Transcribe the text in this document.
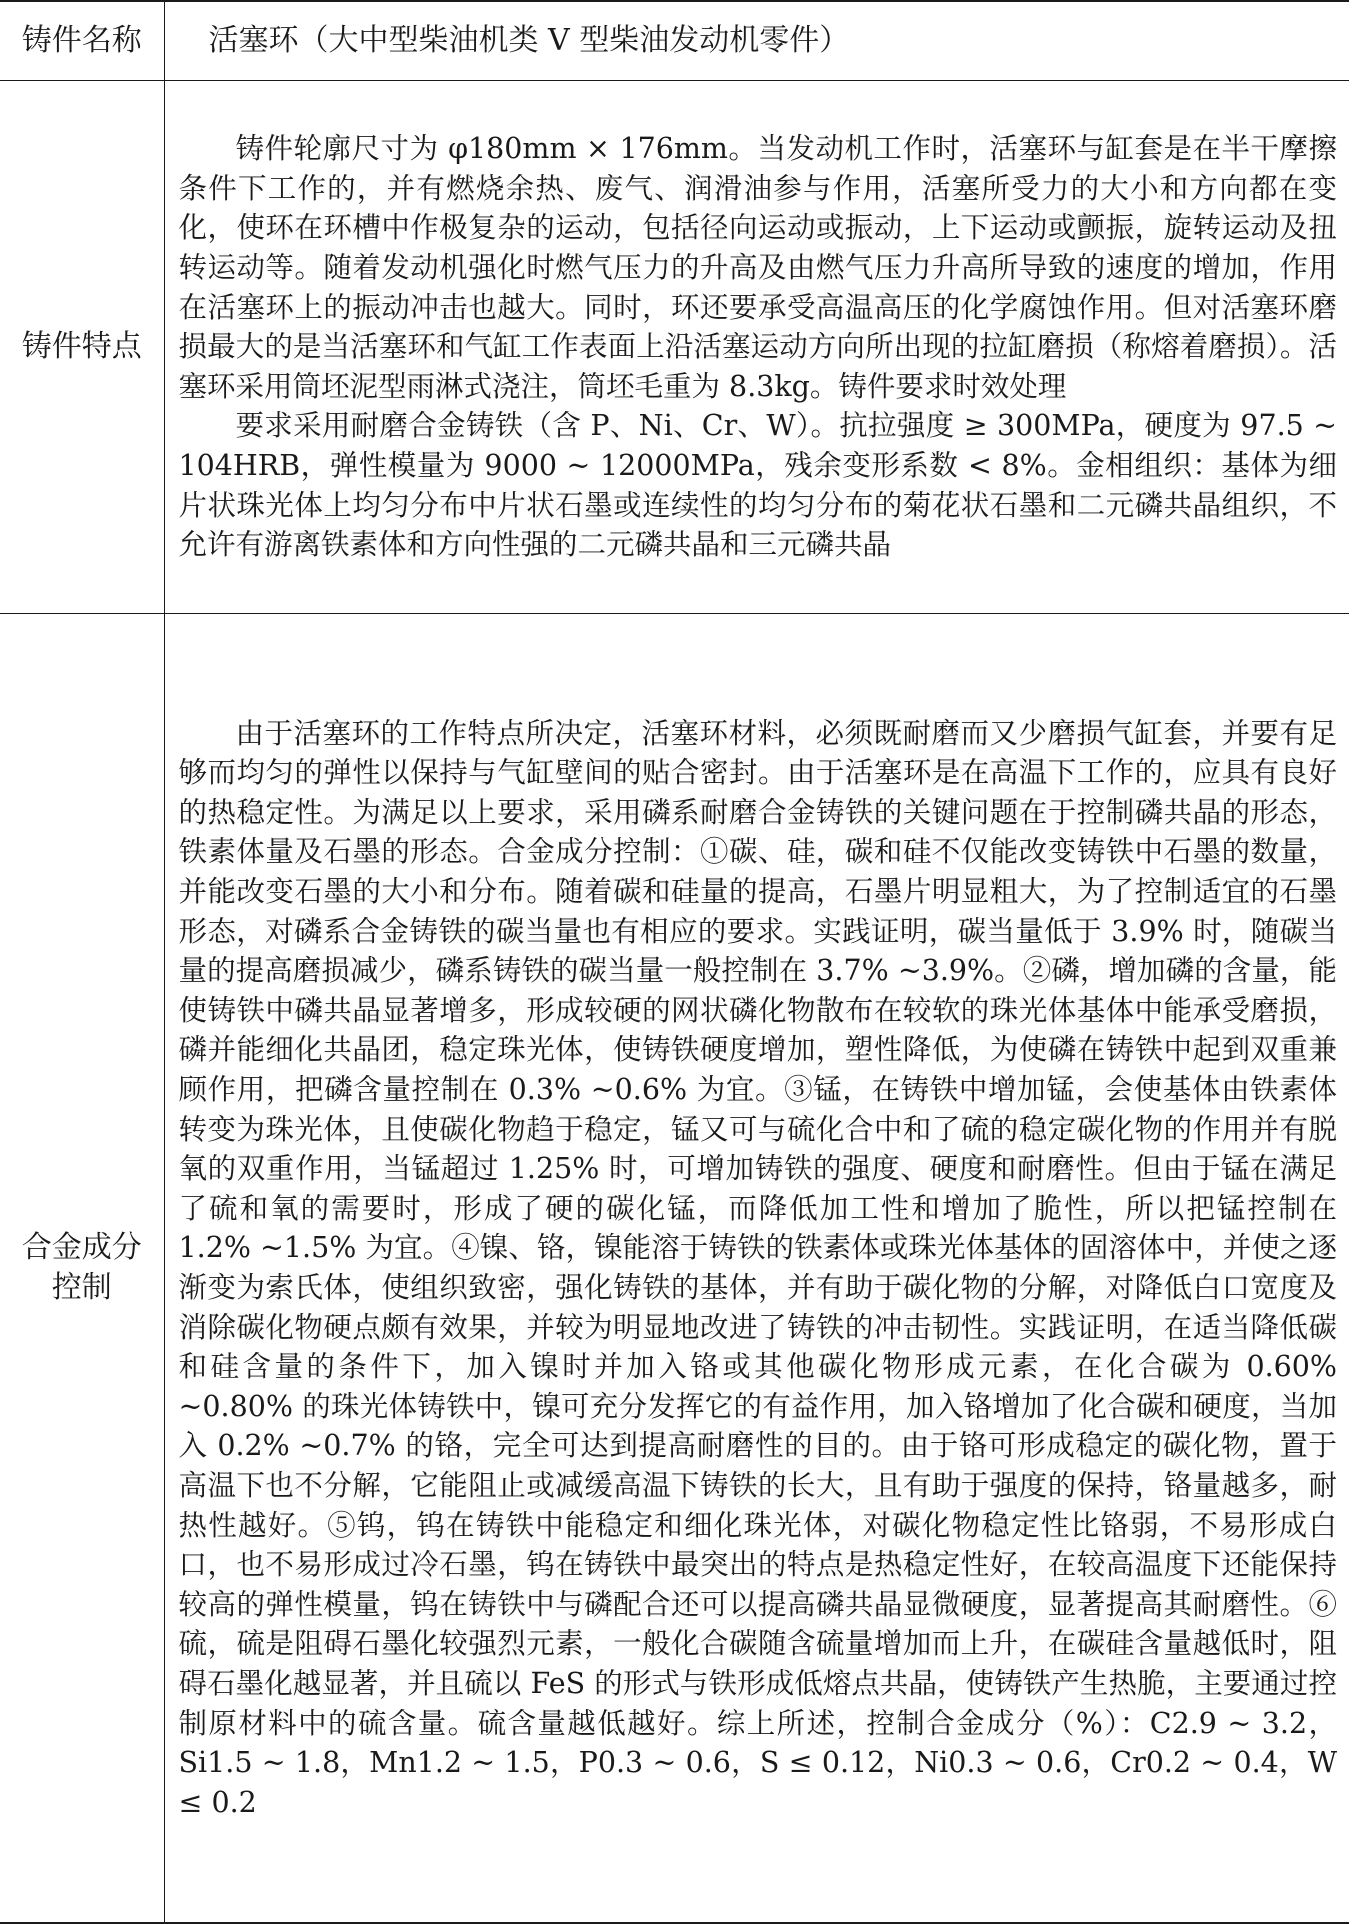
铸件名称	活塞环（大中型柴油机类 V 型柴油发动机零件）
铸件特点	铸件轮廓尺寸为 φ180mm × 176mm。当发动机工作时，活塞环与缸套是在半干摩擦条件下工作的，并有燃烧余热、废气、润滑油参与作用，活塞所受力的大小和方向都在变化，使环在环槽中作极复杂的运动，包括径向运动或振动，上下运动或颤振，旋转运动及扭转运动等。随着发动机强化时燃气压力的升高及由燃气压力升高所导致的速度的增加，作用在活塞环上的振动冲击也越大。同时，环还要承受高温高压的化学腐蚀作用。但对活塞环磨损最大的是当活塞环和气缸工作表面上沿活塞运动方向所出现的拉缸磨损（称熔着磨损）。活塞环采用筒坯泥型雨淋式浇注，筒坯毛重为 8.3kg。铸件要求时效处理

要求采用耐磨合金铸铁（含 P、Ni、Cr、W）。抗拉强度 ≥ 300MPa，硬度为 97.5 ~ 104HRB，弹性模量为 9000 ~ 12000MPa，残余变形系数 < 8%。金相组织：基体为细片状珠光体上均匀分布中片状石墨或连续性的均匀分布的菊花状石墨和二元磷共晶组织，不允许有游离铁素体和方向性强的二元磷共晶和三元磷共晶

合金成分
控制	由于活塞环的工作特点所决定，活塞环材料，必须既耐磨而又少磨损气缸套，并要有足够而均匀的弹性以保持与气缸壁间的贴合密封。由于活塞环是在高温下工作的，应具有良好的热稳定性。为满足以上要求，采用磷系耐磨合金铸铁的关键问题在于控制磷共晶的形态，铁素体量及石墨的形态。合金成分控制：①碳、硅，碳和硅不仅能改变铸铁中石墨的数量，并能改变石墨的大小和分布。随着碳和硅量的提高，石墨片明显粗大，为了控制适宜的石墨形态，对磷系合金铸铁的碳当量也有相应的要求。实践证明，碳当量低于 3.9% 时，随碳当量的提高磨损减少，磷系铸铁的碳当量一般控制在 3.7% ~3.9%。②磷，增加磷的含量，能使铸铁中磷共晶显著增多，形成较硬的网状磷化物散布在较软的珠光体基体中能承受磨损，磷并能细化共晶团，稳定珠光体，使铸铁硬度增加，塑性降低，为使磷在铸铁中起到双重兼顾作用，把磷含量控制在 0.3% ~0.6% 为宜。③锰，在铸铁中增加锰，会使基体由铁素体转变为珠光体，且使碳化物趋于稳定，锰又可与硫化合中和了硫的稳定碳化物的作用并有脱氧的双重作用，当锰超过 1.25% 时，可增加铸铁的强度、硬度和耐磨性。但由于锰在满足了硫和氧的需要时，形成了硬的碳化锰，而降低加工性和增加了脆性，所以把锰控制在 1.2% ~1.5% 为宜。④镍、铬，镍能溶于铸铁的铁素体或珠光体基体的固溶体中，并使之逐渐变为索氏体，使组织致密，强化铸铁的基体，并有助于碳化物的分解，对降低白口宽度及消除碳化物硬点颇有效果，并较为明显地改进了铸铁的冲击韧性。实践证明，在适当降低碳和硅含量的条件下，加入镍时并加入铬或其他碳化物形成元素，在化合碳为 0.60% ~0.80% 的珠光体铸铁中，镍可充分发挥它的有益作用，加入铬增加了化合碳和硬度，当加入 0.2% ~0.7% 的铬，完全可达到提高耐磨性的目的。由于铬可形成稳定的碳化物，置于高温下也不分解，它能阻止或减缓高温下铸铁的长大，且有助于强度的保持，铬量越多，耐热性越好。⑤钨，钨在铸铁中能稳定和细化珠光体，对碳化物稳定性比铬弱，不易形成白口，也不易形成过冷石墨，钨在铸铁中最突出的特点是热稳定性好，在较高温度下还能保持较高的弹性模量，钨在铸铁中与磷配合还可以提高磷共晶显微硬度，显著提高其耐磨性。⑥硫，硫是阻碍石墨化较强烈元素，一般化合碳随含硫量增加而上升，在碳硅含量越低时，阻碍石墨化越显著，并且硫以 FeS 的形式与铁形成低熔点共晶，使铸铁产生热脆，主要通过控制原材料中的硫含量。硫含量越低越好。综上所述，控制合金成分（%）：C2.9 ~ 3.2，Si1.5 ~ 1.8，Mn1.2 ~ 1.5，P0.3 ~ 0.6，S ≤ 0.12，Ni0.3 ~ 0.6，Cr0.2 ~ 0.4，W ≤ 0.2
